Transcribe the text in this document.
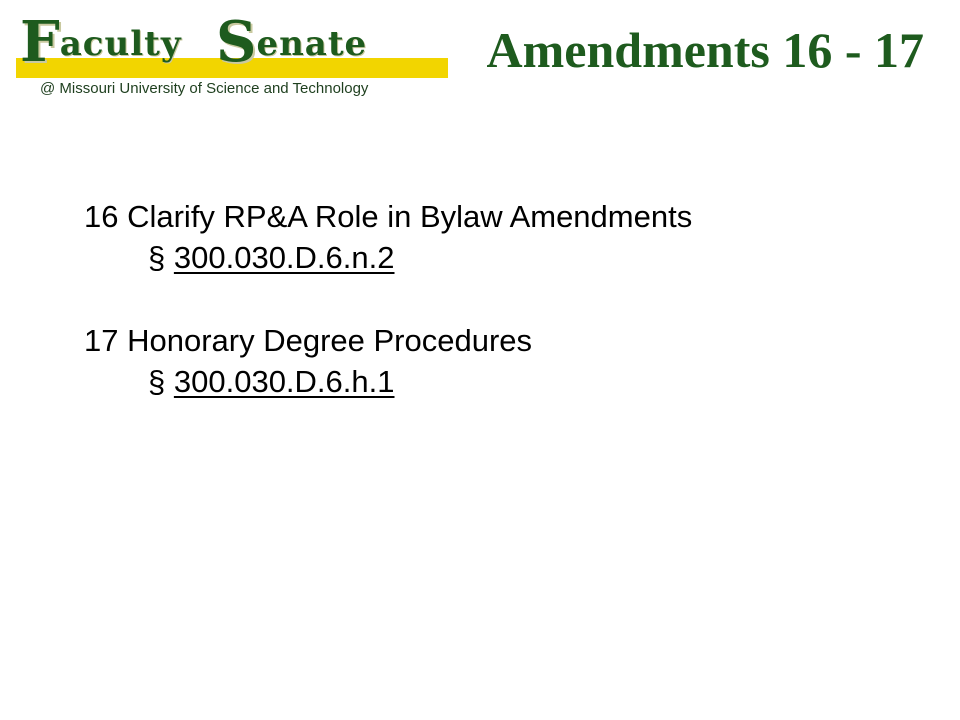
Faculty Senate
@ Missouri University of Science and Technology
Amendments 16 - 17
16 Clarify RP&A Role in Bylaw Amendments
§ 300.030.D.6.n.2
17 Honorary Degree Procedures
§ 300.030.D.6.h.1
